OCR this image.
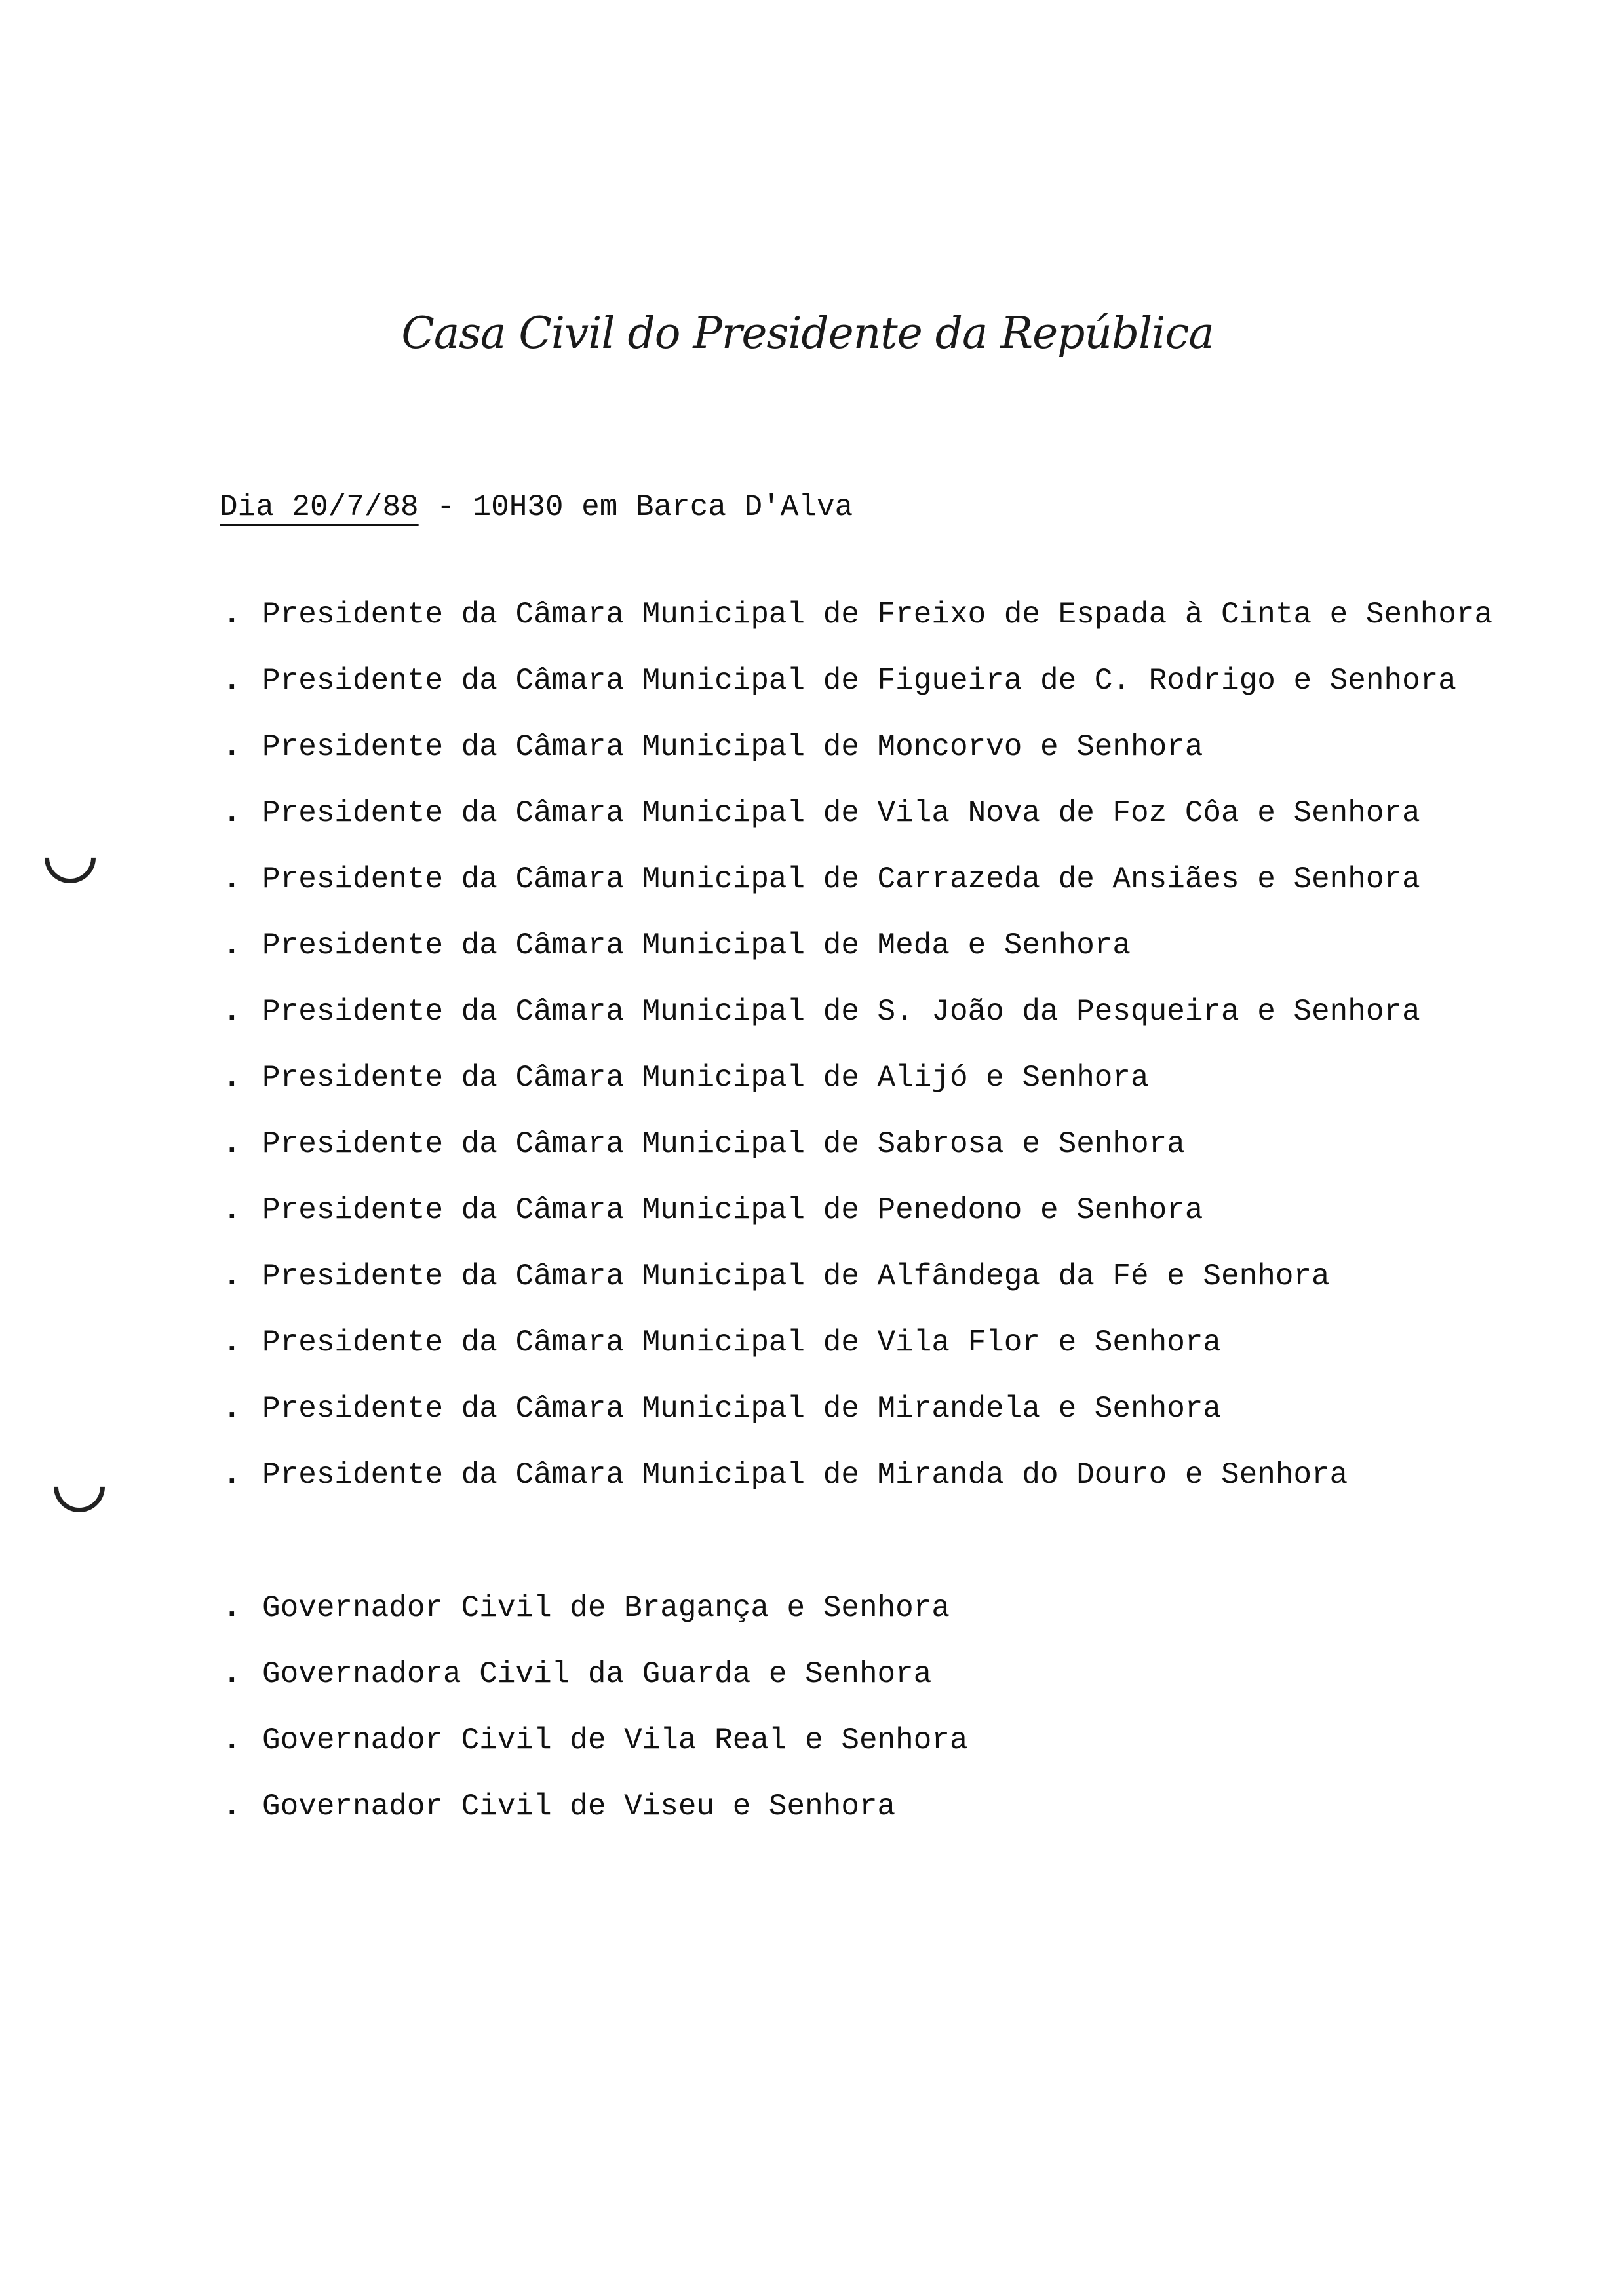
Casa Civil do Presidente da República
Dia 20/7/88 - 10H30 em Barca D'Alva
. Presidente da Câmara Municipal de Freixo de Espada à Cinta e Senhora
. Presidente da Câmara Municipal de Figueira de C. Rodrigo e Senhora
. Presidente da Câmara Municipal de Moncorvo e Senhora
. Presidente da Câmara Municipal de Vila Nova de Foz Côa e Senhora
. Presidente da Câmara Municipal de Carrazeda de Ansiães e Senhora
. Presidente da Câmara Municipal de Meda e Senhora
. Presidente da Câmara Municipal de S. João da Pesqueira e Senhora
. Presidente da Câmara Municipal de Alijó e Senhora
. Presidente da Câmara Municipal de Sabrosa e Senhora
. Presidente da Câmara Municipal de Penedono e Senhora
. Presidente da Câmara Municipal de Alfândega da Fé e Senhora
. Presidente da Câmara Municipal de Vila Flor e Senhora
. Presidente da Câmara Municipal de Mirandela e Senhora
. Presidente da Câmara Municipal de Miranda do Douro e Senhora
. Governador Civil de Bragança e Senhora
. Governadora Civil da Guarda e Senhora
. Governador Civil de Vila Real e Senhora
. Governador Civil de Viseu e Senhora
